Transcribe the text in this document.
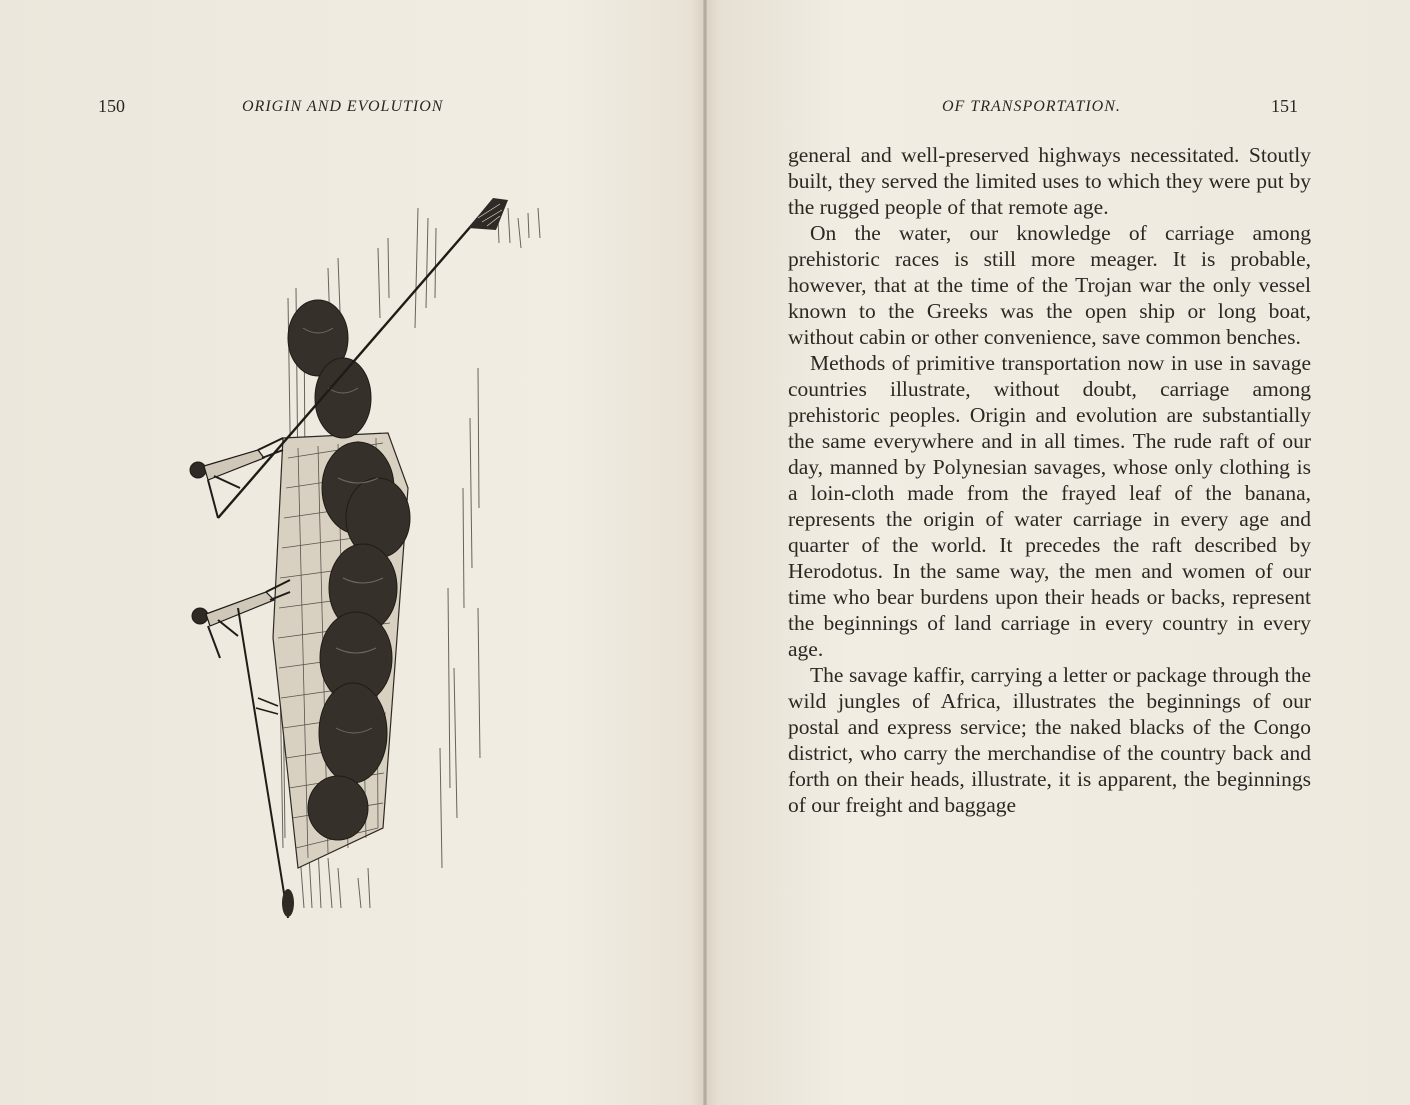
150	ORIGIN AND EVOLUTION	OF TRANSPORTATION.	151

general and well-preserved highways necessitated. Stoutly built, they served the limited uses to which they were put by the rugged people of that remote age.

On the water, our knowledge of carriage among prehistoric races is still more meager. It is probable, however, that at the time of the Trojan war the only vessel known to the Greeks was the open ship or long boat, without cabin or other convenience, save common benches.

Methods of primitive transportation now in use in savage countries illustrate, without doubt, carriage among prehistoric peoples. Origin and evolution are substantially the same everywhere and in all times. The rude raft of our day, manned by Polynesian savages, whose only clothing is a loin-cloth made from the frayed leaf of the banana, represents the origin of water carriage in every age and quarter of the world. It precedes the raft described by Herodotus. In the same way, the men and women of our time who bear burdens upon their heads or backs, represent the beginnings of land carriage in every country in every age.

The savage kaffir, carrying a letter or package through the wild jungles of Africa, illustrates the beginnings of our postal and express service; the naked blacks of the Congo district, who carry the merchandise of the country back and forth on their heads, illustrate, it is apparent, the beginnings of our freight and baggage
